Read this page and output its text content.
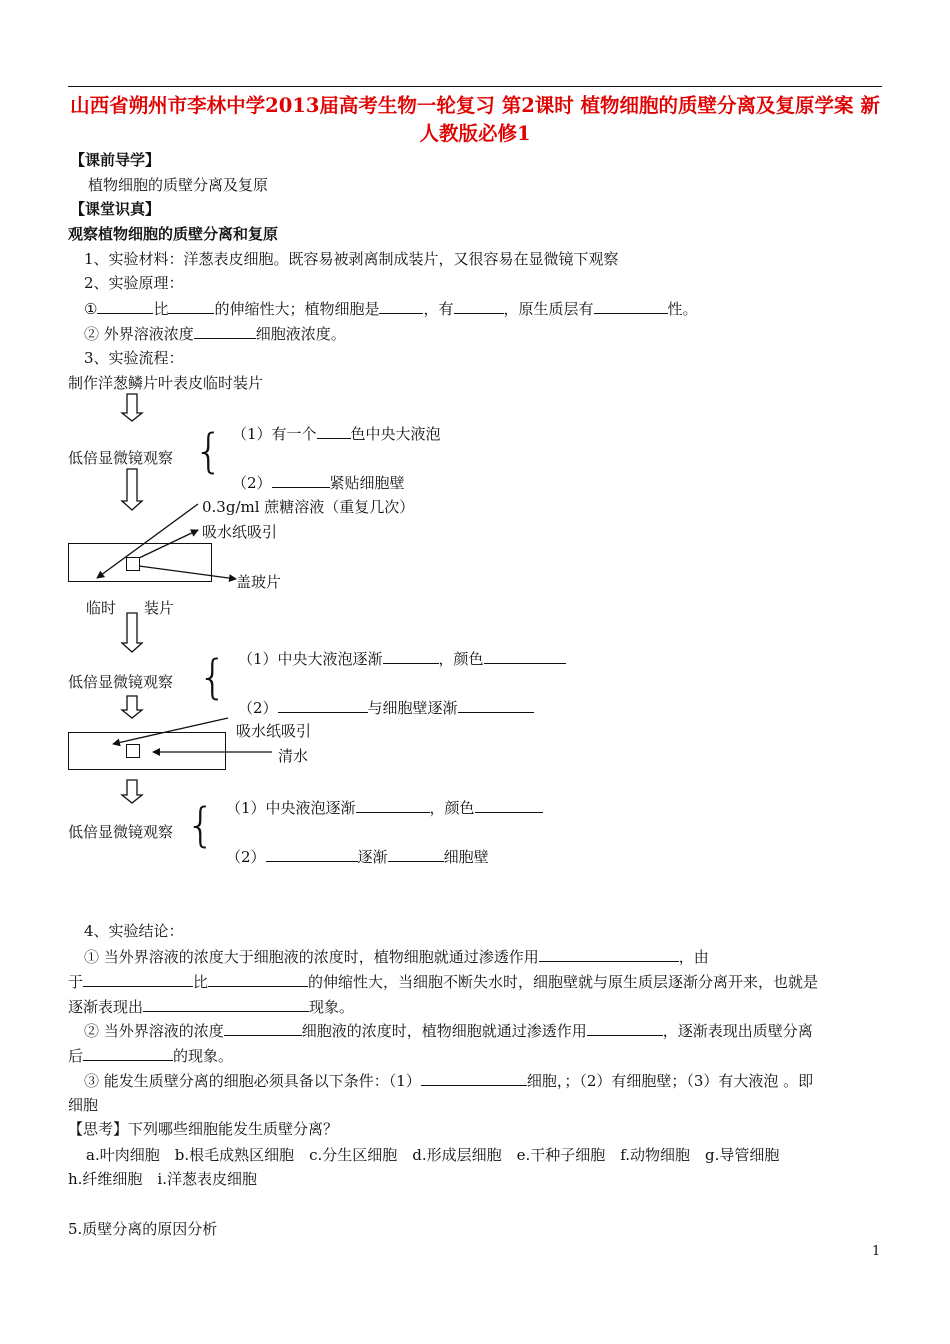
山西省朔州市李林中学2013届高考生物一轮复习 第2课时 植物细胞的质壁分离及复原学案 新人教版必修1
【课前导学】
植物细胞的质壁分离及复原
【课堂识真】
观察植物细胞的质壁分离和复原
1、实验材料：洋葱表皮细胞。既容易被剥离制成装片，又很容易在显微镜下观察
2、实验原理：
①	比	的伸缩性大；植物细胞是	，有	，原生质层有	性。
② 外界溶液浓度	细胞液浓度。
3、实验流程：
制作洋葱鳞片叶表皮临时装片
低倍显微镜观察 { （1）有一个 色中央大液泡
（2）	紧贴细胞壁
0.3g/ml 蔗糖溶液（重复几次）
吸水纸吸引
盖玻片
临时 装片
低倍显微镜观察 { （1）中央大液泡逐渐	，颜色
（2）	与细胞壁逐渐
吸水纸吸引
清水
低倍显微镜观察 { （1）中央液泡逐渐	，颜色
（2）	逐渐	细胞壁
4、实验结论：
① 当外界溶液的浓度大于细胞液的浓度时，植物细胞就通过渗透作用	，由
于	比	的伸缩性大，当细胞不断失水时，细胞壁就与原生质层逐渐分离开来，也就是
逐渐表现出	现象。
② 当外界溶液的浓度	细胞液的浓度时，植物细胞就通过渗透作用	，逐渐表现出质壁分离
后	的现象。
③ 能发生质壁分离的细胞必须具备以下条件：（1）	细胞，；（2）有细胞壁；（3）有大液泡 。即
细胞
【思考】下列哪些细胞能发生质壁分离？
a.叶肉细胞　b.根毛成熟区细胞　c.分生区细胞　d.形成层细胞　e.干种子细胞　f.动物细胞　g.导管细胞
h.纤维细胞　i.洋葱表皮细胞
5.质壁分离的原因分析
1
